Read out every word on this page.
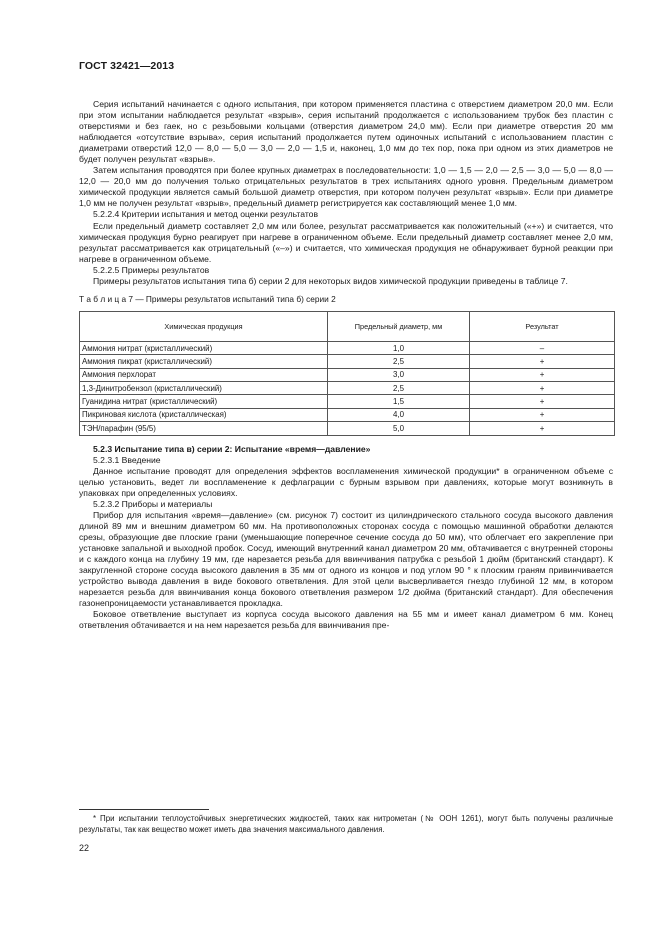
ГОСТ 32421—2013

Серия испытаний начинается с одного испытания, при котором применяется пластина с отверстием диаметром 20,0 мм. Если при этом испытании наблюдается результат «взрыв», серия испытаний продолжается с использованием трубок без пластин с отверстиями и без гаек, но с резьбовыми кольцами (отверстия диаметром 24,0 мм). Если при диаметре отверстия 20 мм наблюдается «отсутствие взрыва», серия испытаний продолжается путем одиночных испытаний с использованием пластин с диаметрами отверстий 12,0 — 8,0 — 5,0 — 3,0 — 2,0 — 1,5 и, наконец, 1,0 мм до тех пор, пока при одном из этих диаметров не будет получен результат «взрыв».

Затем испытания проводятся при более крупных диаметрах в последовательности: 1,0 — 1,5 — 2,0 — 2,5 — 3,0 — 5,0 — 8,0 — 12,0 — 20,0 мм до получения только отрицательных результатов в трех испытаниях одного уровня. Предельным диаметром химической продукции является самый большой диаметр отверстия, при котором получен результат «взрыв». Если при диаметре 1,0 мм не получен результат «взрыв», предельный диаметр регистрируется как составляющий менее 1,0 мм.

5.2.2.4 Критерии испытания и метод оценки результатов

Если предельный диаметр составляет 2,0 мм или более, результат рассматривается как положительный («+») и считается, что химическая продукция бурно реагирует при нагреве в ограниченном объеме. Если предельный диаметр составляет менее 2,0 мм, результат рассматривается как отрицательный («–») и считается, что химическая продукция не обнаруживает бурной реакции при нагреве в ограниченном объеме.

5.2.2.5 Примеры результатов

Примеры результатов испытания типа б) серии 2 для некоторых видов химической продукции приведены в таблице 7.

Т а б л и ц а 7 — Примеры результатов испытаний типа б) серии 2

Химическая продукция	Предельный диаметр, мм	Результат
Аммония нитрат (кристаллический)	1,0	–
Аммония пикрат (кристаллический)	2,5	+
Аммония перхлорат	3,0	+
1,3-Динитробензол (кристаллический)	2,5	+
Гуанидина нитрат (кристаллический)	1,5	+
Пикриновая кислота (кристаллическая)	4,0	+
ТЭН/парафин (95/5)	5,0	+

5.2.3 Испытание типа в) серии 2: Испытание «время—давление»

5.2.3.1 Введение

Данное испытание проводят для определения эффектов воспламенения химической продукции* в ограниченном объеме с целью установить, ведет ли воспламенение к дефлаграции с бурным взрывом при давлениях, которые могут возникнуть в упаковках при определенных условиях.

5.2.3.2 Приборы и материалы

Прибор для испытания «время—давление» (см. рисунок 7) состоит из цилиндрического стального сосуда высокого давления длиной 89 мм и внешним диаметром 60 мм. На противоположных сторонах сосуда с помощью машинной обработки делаются срезы, образующие две плоские грани (уменьшающие поперечное сечение сосуда до 50 мм), что облегчает его закрепление при установке запальной и выходной пробок. Сосуд, имеющий внутренний канал диаметром 20 мм, обтачивается с внутренней стороны и с каждого конца на глубину 19 мм, где нарезается резьба для ввинчивания патрубка с резьбой 1 дюйм (британский стандарт). К закругленной стороне сосуда высокого давления в 35 мм от одного из концов и под углом 90 ° к плоским граням привинчивается устройство вывода давления в виде бокового ответвления. Для этой цели высверливается гнездо глубиной 12 мм, в котором нарезается резьба для ввинчивания конца бокового ответвления размером 1/2 дюйма (британский стандарт). Для обеспечения газонепроницаемости устанавливается прокладка.

Боковое ответвление выступает из корпуса сосуда высокого давления на 55 мм и имеет канал диаметром 6 мм. Конец ответвления обтачивается и на нем нарезается резьба для ввинчивания пре-

* При испытании теплоустойчивых энергетических жидкостей, таких как нитрометан (№ ООН 1261), могут быть получены различные результаты, так как вещество может иметь два значения максимального давления.

22
